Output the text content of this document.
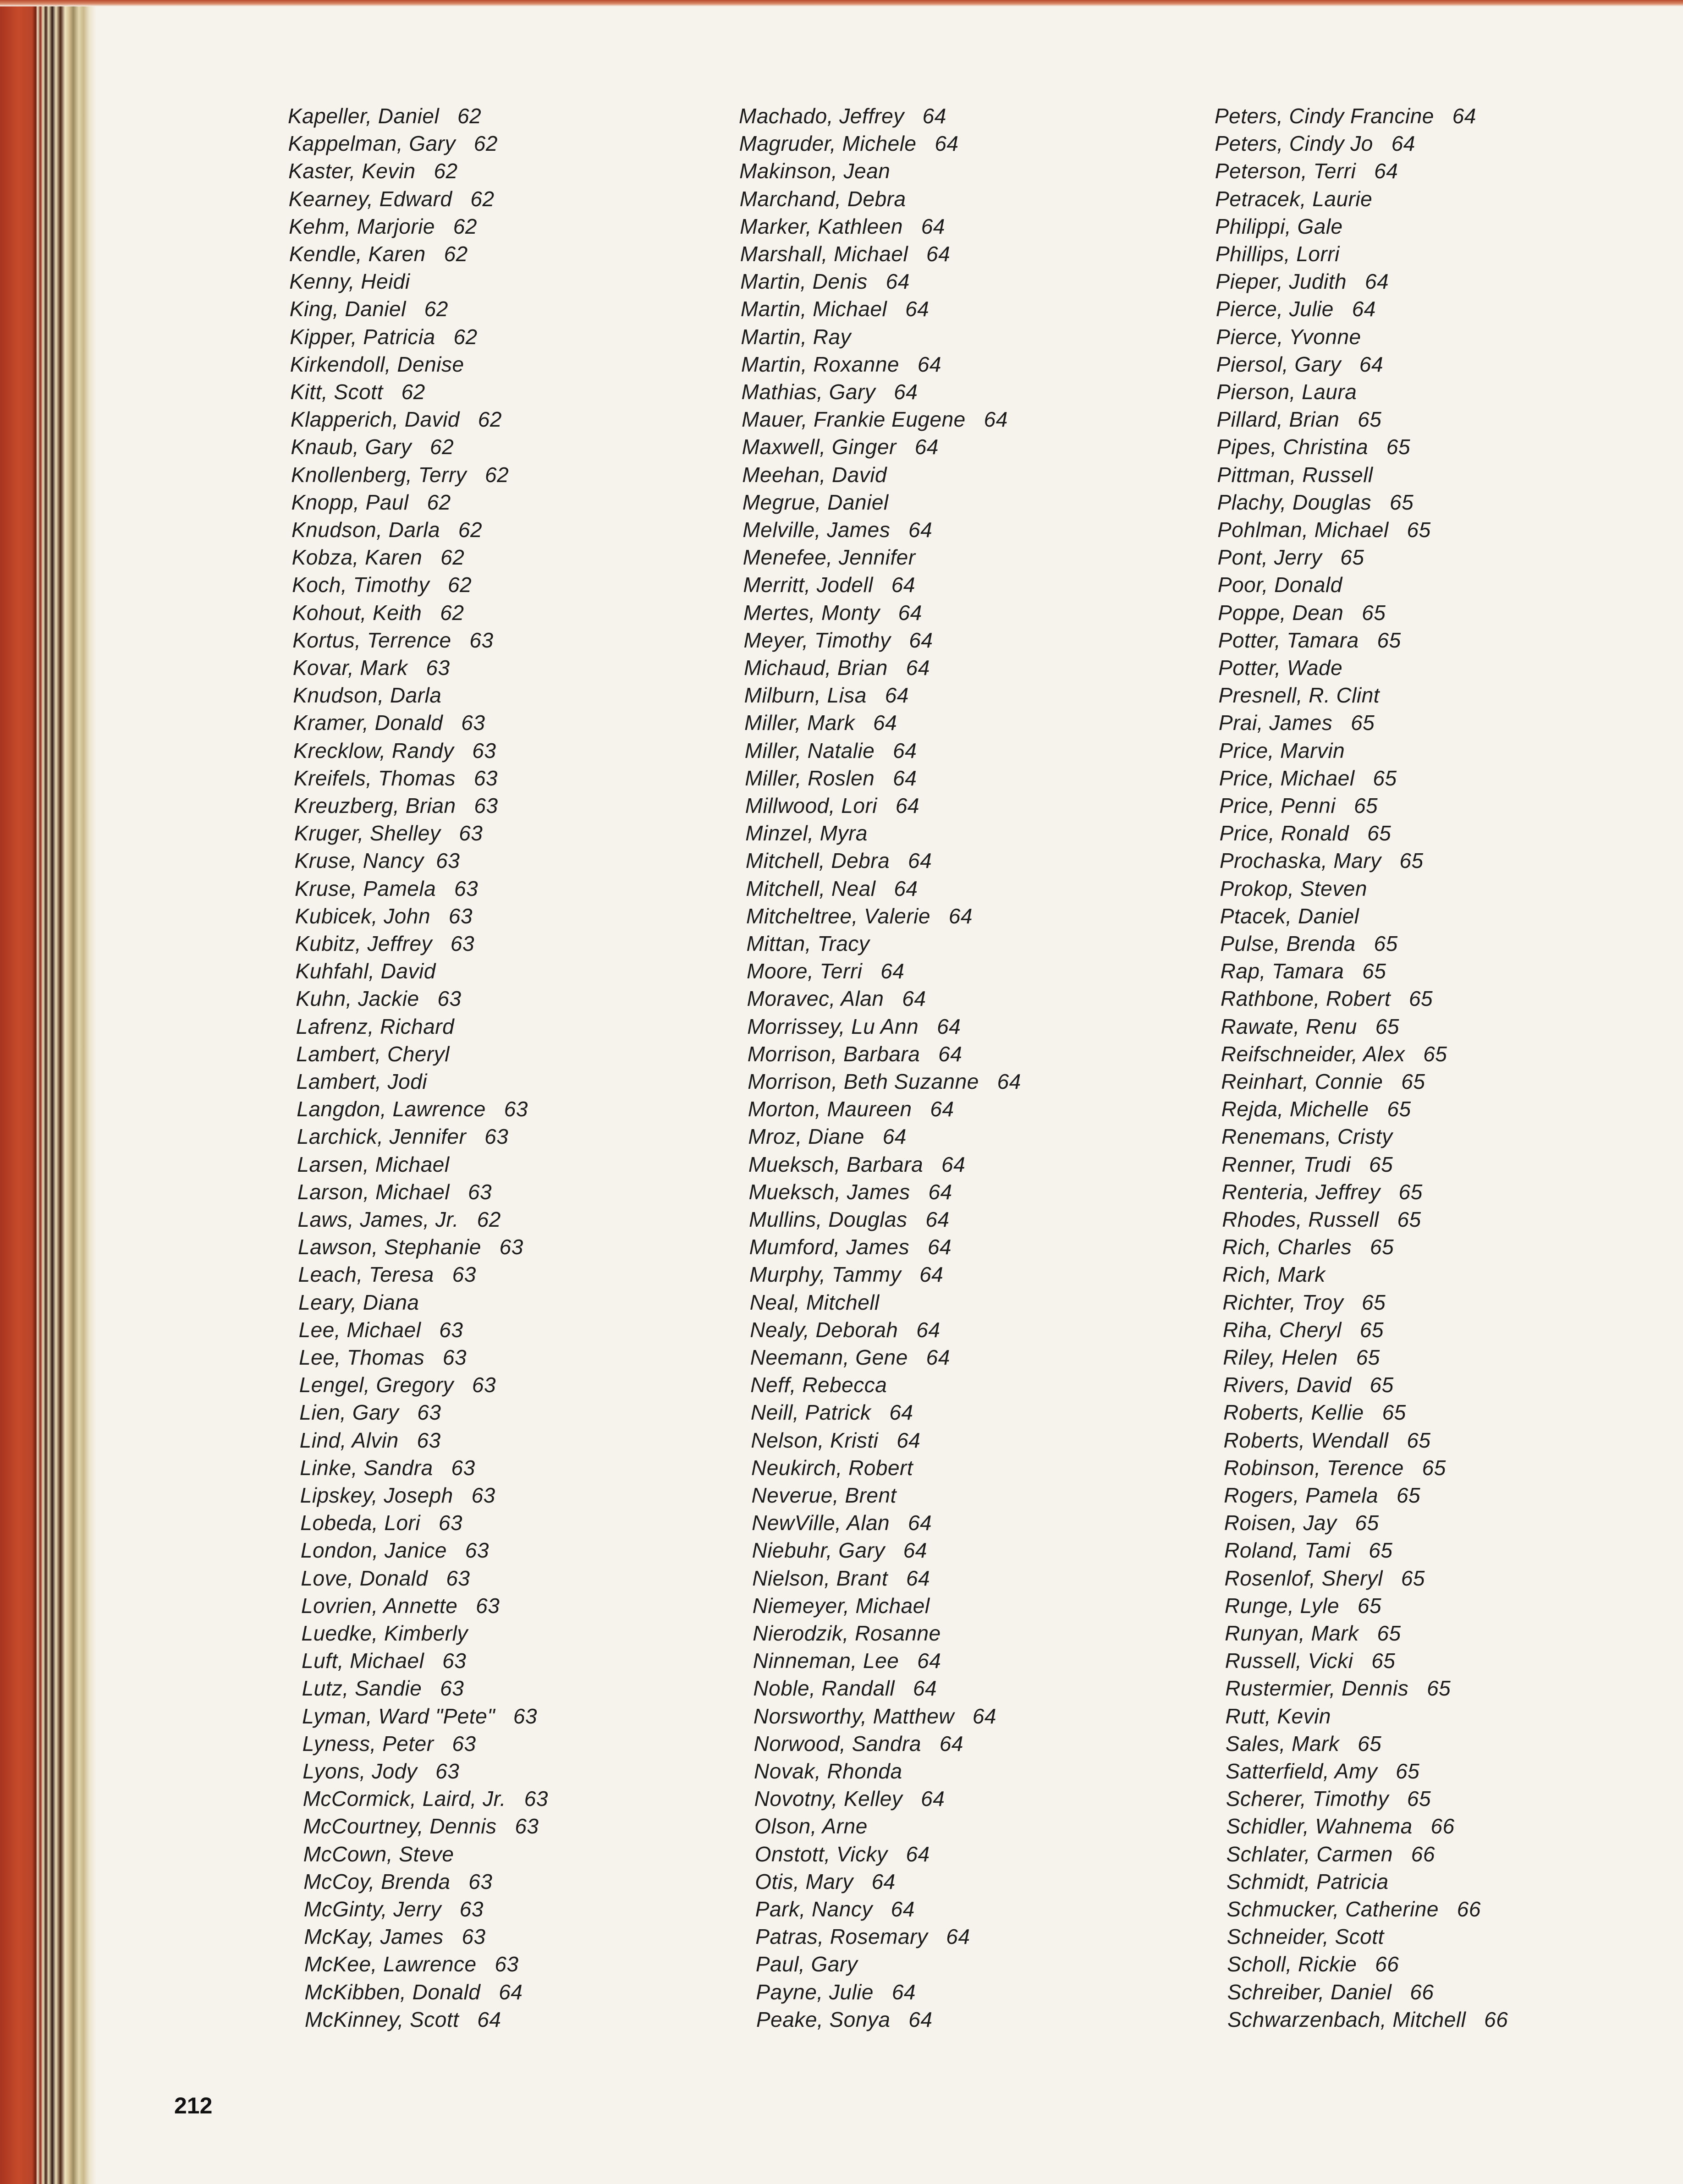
Kapeller, Daniel   62
Kappelman, Gary   62
Kaster, Kevin   62
Kearney, Edward   62
Kehm, Marjorie   62
Kendle, Karen   62
Kenny, Heidi
King, Daniel   62
Kipper, Patricia   62
Kirkendoll, Denise
Kitt, Scott   62
Klapperich, David   62
Knaub, Gary   62
Knollenberg, Terry   62
Knopp, Paul   62
Knudson, Darla   62
Kobza, Karen   62
Koch, Timothy   62
Kohout, Keith   62
Kortus, Terrence   63
Kovar, Mark   63
Knudson, Darla
Kramer, Donald   63
Krecklow, Randy   63
Kreifels, Thomas   63
Kreuzberg, Brian   63
Kruger, Shelley   63
Kruse, Nancy  63
Kruse, Pamela   63
Kubicek, John   63
Kubitz, Jeffrey   63
Kuhfahl, David
Kuhn, Jackie   63
Lafrenz, Richard
Lambert, Cheryl
Lambert, Jodi
Langdon, Lawrence   63
Larchick, Jennifer   63
Larsen, Michael
Larson, Michael   63
Laws, James, Jr.   62
Lawson, Stephanie   63
Leach, Teresa   63
Leary, Diana
Lee, Michael   63
Lee, Thomas   63
Lengel, Gregory   63
Lien, Gary   63
Lind, Alvin   63
Linke, Sandra   63
Lipskey, Joseph   63
Lobeda, Lori   63
London, Janice   63
Love, Donald   63
Lovrien, Annette   63
Luedke, Kimberly
Luft, Michael   63
Lutz, Sandie   63
Lyman, Ward "Pete"   63
Lyness, Peter   63
Lyons, Jody   63
McCormick, Laird, Jr.   63
McCourtney, Dennis   63
McCown, Steve
McCoy, Brenda   63
McGinty, Jerry   63
McKay, James   63
McKee, Lawrence   63
McKibben, Donald   64
McKinney, Scott   64
Machado, Jeffrey   64
Magruder, Michele   64
Makinson, Jean
Marchand, Debra
Marker, Kathleen   64
Marshall, Michael   64
Martin, Denis   64
Martin, Michael   64
Martin, Ray
Martin, Roxanne   64
Mathias, Gary   64
Mauer, Frankie Eugene   64
Maxwell, Ginger   64
Meehan, David
Megrue, Daniel
Melville, James   64
Menefee, Jennifer
Merritt, Jodell   64
Mertes, Monty   64
Meyer, Timothy   64
Michaud, Brian   64
Milburn, Lisa   64
Miller, Mark   64
Miller, Natalie   64
Miller, Roslen   64
Millwood, Lori   64
Minzel, Myra
Mitchell, Debra   64
Mitchell, Neal   64
Mitcheltree, Valerie   64
Mittan, Tracy
Moore, Terri   64
Moravec, Alan   64
Morrissey, Lu Ann   64
Morrison, Barbara   64
Morrison, Beth Suzanne   64
Morton, Maureen   64
Mroz, Diane   64
Mueksch, Barbara   64
Mueksch, James   64
Mullins, Douglas   64
Mumford, James   64
Murphy, Tammy   64
Neal, Mitchell
Nealy, Deborah   64
Neemann, Gene   64
Neff, Rebecca
Neill, Patrick   64
Nelson, Kristi   64
Neukirch, Robert
Neverue, Brent
NewVille, Alan   64
Niebuhr, Gary   64
Nielson, Brant   64
Niemeyer, Michael
Nierodzik, Rosanne
Ninneman, Lee   64
Noble, Randall   64
Norsworthy, Matthew   64
Norwood, Sandra   64
Novak, Rhonda
Novotny, Kelley   64
Olson, Arne
Onstott, Vicky   64
Otis, Mary   64
Park, Nancy   64
Patras, Rosemary   64
Paul, Gary
Payne, Julie   64
Peake, Sonya   64
Peters, Cindy Francine   64
Peters, Cindy Jo   64
Peterson, Terri   64
Petracek, Laurie
Philippi, Gale
Phillips, Lorri
Pieper, Judith   64
Pierce, Julie   64
Pierce, Yvonne
Piersol, Gary   64
Pierson, Laura
Pillard, Brian   65
Pipes, Christina   65
Pittman, Russell
Plachy, Douglas   65
Pohlman, Michael   65
Pont, Jerry   65
Poor, Donald
Poppe, Dean   65
Potter, Tamara   65
Potter, Wade
Presnell, R. Clint
Prai, James   65
Price, Marvin
Price, Michael   65
Price, Penni   65
Price, Ronald   65
Prochaska, Mary   65
Prokop, Steven
Ptacek, Daniel
Pulse, Brenda   65
Rap, Tamara   65
Rathbone, Robert   65
Rawate, Renu   65
Reifschneider, Alex   65
Reinhart, Connie   65
Rejda, Michelle   65
Renemans, Cristy
Renner, Trudi   65
Renteria, Jeffrey   65
Rhodes, Russell   65
Rich, Charles   65
Rich, Mark
Richter, Troy   65
Riha, Cheryl   65
Riley, Helen   65
Rivers, David   65
Roberts, Kellie   65
Roberts, Wendall   65
Robinson, Terence   65
Rogers, Pamela   65
Roisen, Jay   65
Roland, Tami   65
Rosenlof, Sheryl   65
Runge, Lyle   65
Runyan, Mark   65
Russell, Vicki   65
Rustermier, Dennis   65
Rutt, Kevin
Sales, Mark   65
Satterfield, Amy   65
Scherer, Timothy   65
Schidler, Wahnema   66
Schlater, Carmen   66
Schmidt, Patricia
Schmucker, Catherine   66
Schneider, Scott
Scholl, Rickie   66
Schreiber, Daniel   66
Schwarzenbach, Mitchell   66
212
